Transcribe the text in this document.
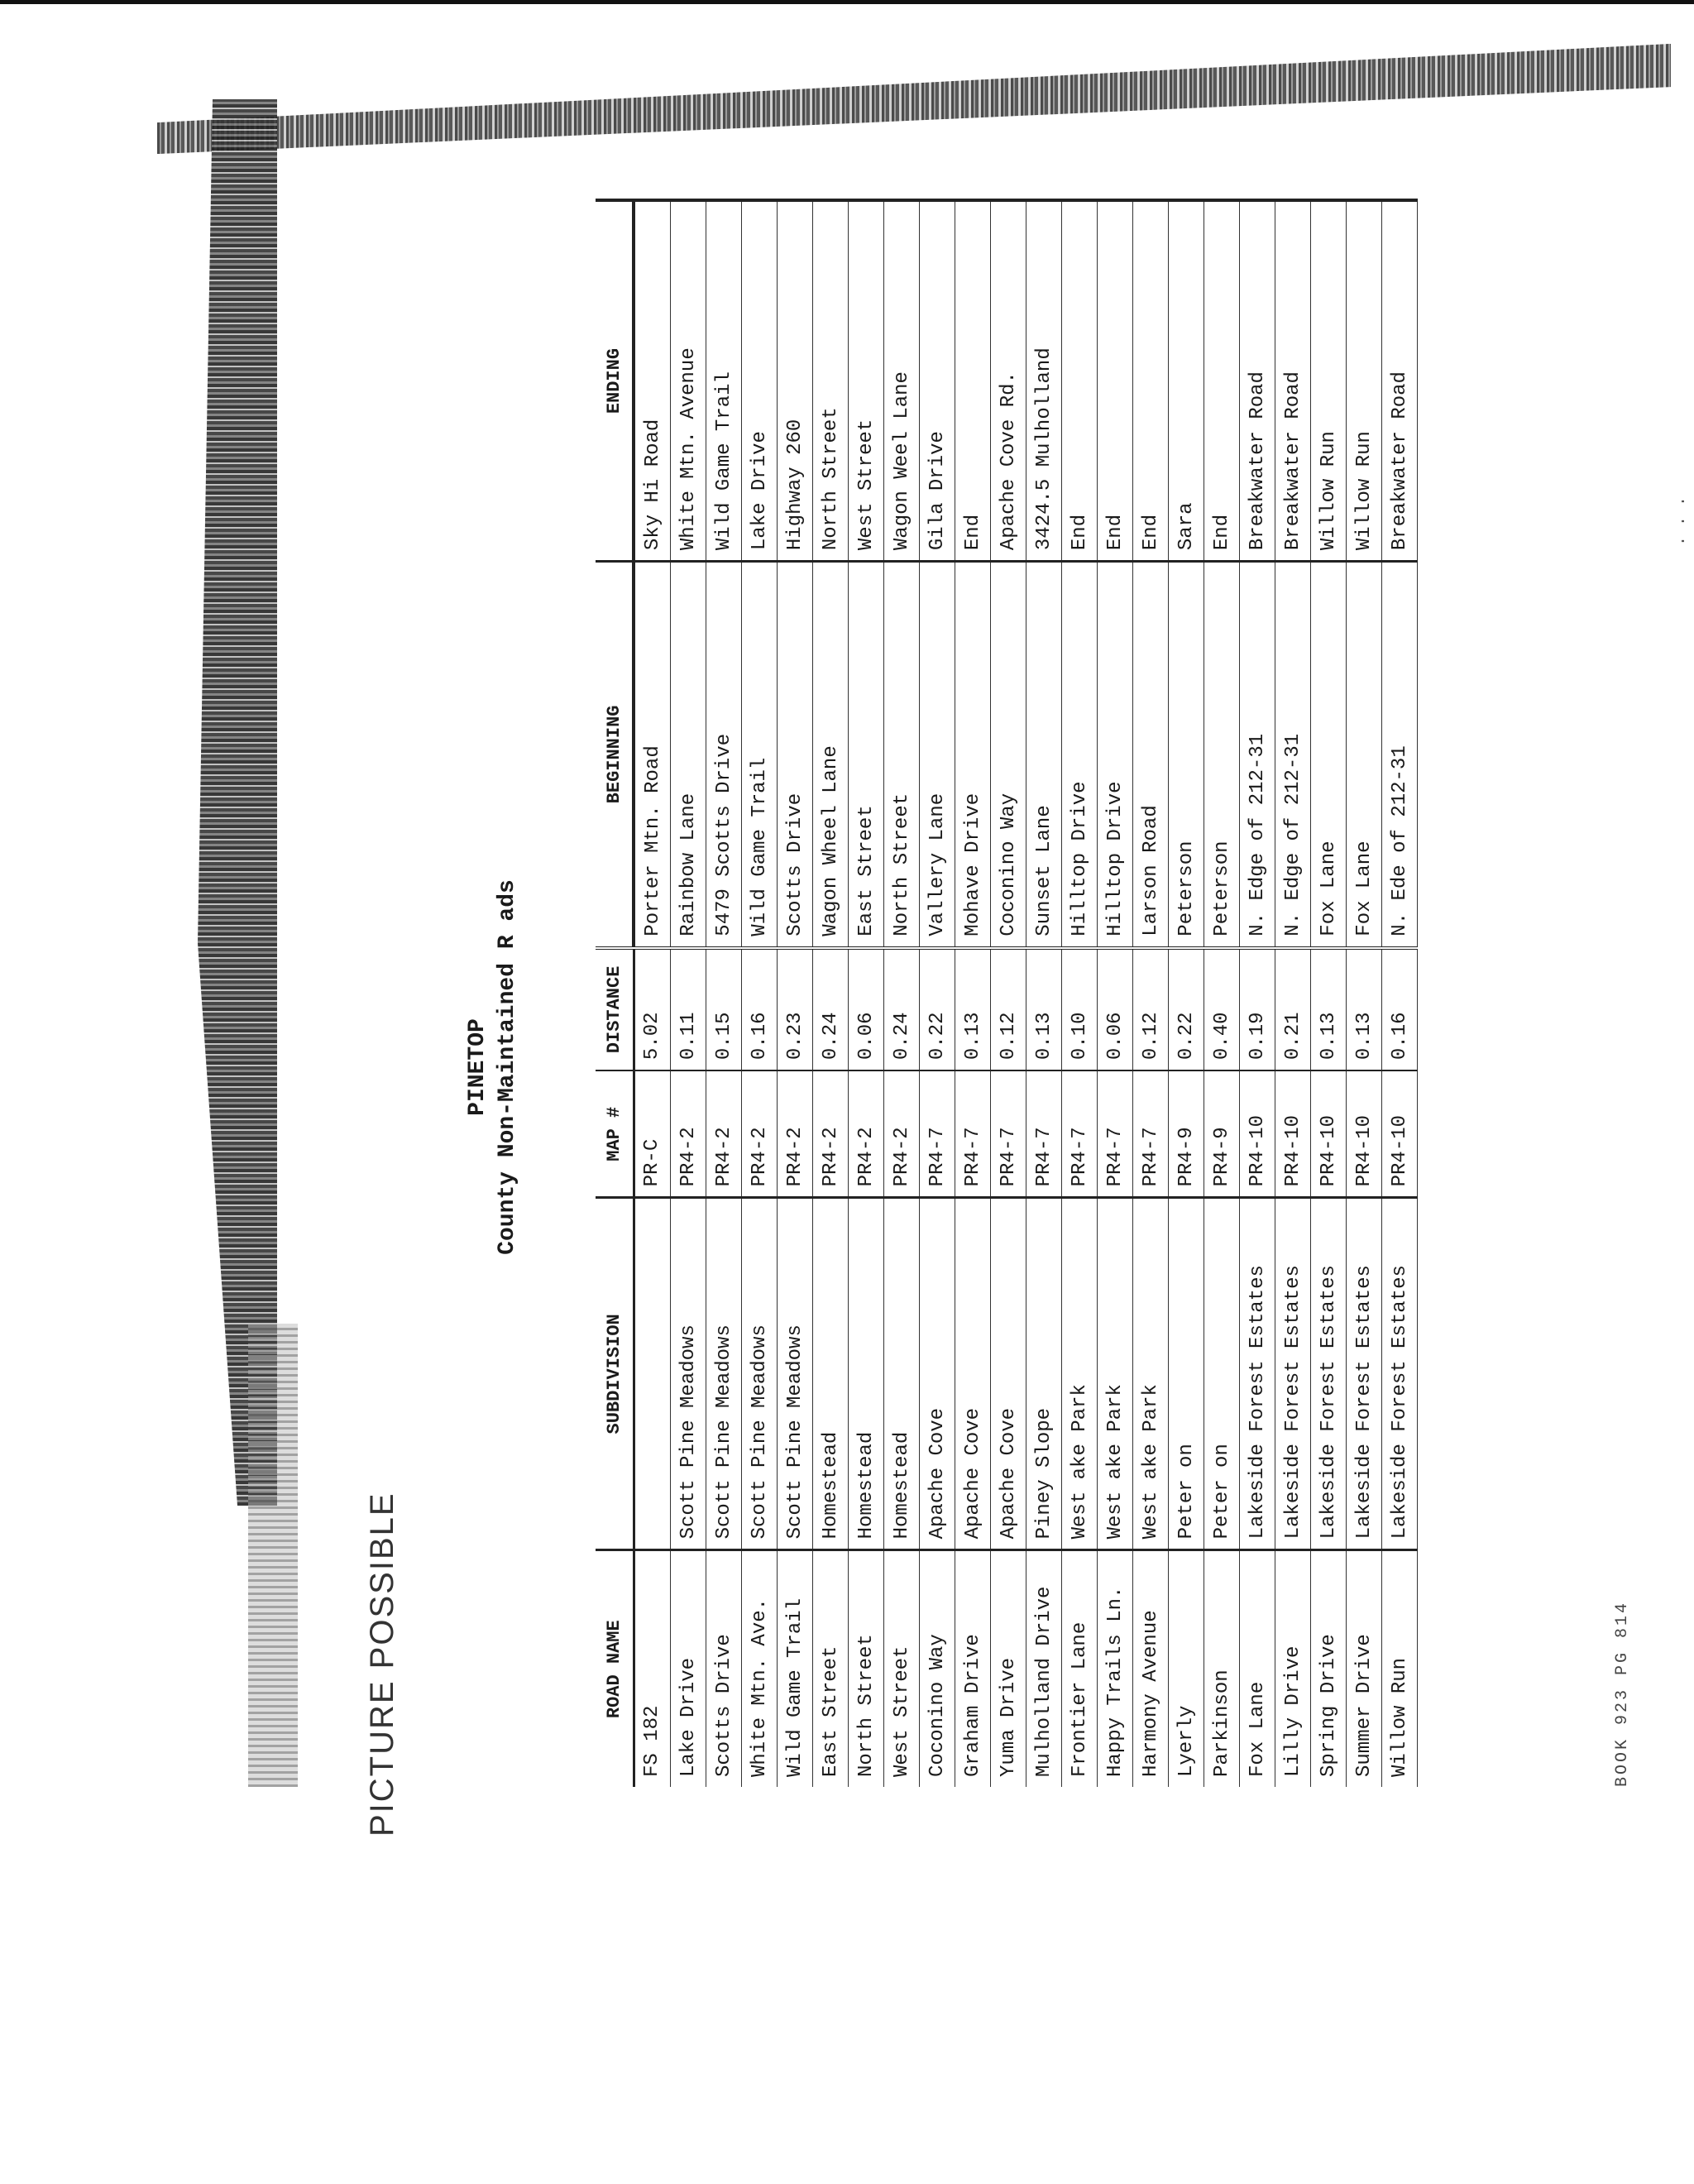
PICTURE POSSIBLE
PINETOP County Non-Maintained R ads
ROAD NAME	SUBDIVISION	MAP #	DISTANCE	BEGINNING	ENDING
FS 182		PR-C	5.02	Porter Mtn. Road	Sky Hi Road
Lake Drive	Scott Pine Meadows	PR4-2	0.11	Rainbow Lane	White Mtn. Avenue
Scotts Drive	Scott Pine Meadows	PR4-2	0.15	5479 Scotts Drive	Wild Game Trail
White Mtn. Ave.	Scott Pine Meadows	PR4-2	0.16	Wild Game Trail	Lake Drive
Wild Game Trail	Scott Pine Meadows	PR4-2	0.23	Scotts Drive	Highway 260
East Street	Homestead	PR4-2	0.24	Wagon Wheel Lane	North Street
North Street	Homestead	PR4-2	0.06	East Street	West Street
West Street	Homestead	PR4-2	0.24	North Street	Wagon Weel Lane
Coconino Way	Apache Cove	PR4-7	0.22	Vallery Lane	Gila Drive
Graham Drive	Apache Cove	PR4-7	0.13	Mohave Drive	End
Yuma Drive	Apache Cove	PR4-7	0.12	Coconino Way	Apache Cove Rd.
Mulholland Drive	Piney Slope	PR4-7	0.13	Sunset Lane	3424.5 Mulholland
Frontier Lane	West ake Park	PR4-7	0.10	Hilltop Drive	End
Happy Trails Ln.	West ake Park	PR4-7	0.06	Hilltop Drive	End
Harmony Avenue	West ake Park	PR4-7	0.12	Larson Road	End
Lyerly	Peter on	PR4-9	0.22	Peterson	Sara
Parkinson	Peter on	PR4-9	0.40	Peterson	End
Fox Lane	Lakeside Forest Estates	PR4-10	0.19	N. Edge of 212-31	Breakwater Road
Lilly Drive	Lakeside Forest Estates	PR4-10	0.21	N. Edge of 212-31	Breakwater Road
Spring Drive	Lakeside Forest Estates	PR4-10	0.13	Fox Lane	Willow Run
Summer Drive	Lakeside Forest Estates	PR4-10	0.13	Fox Lane	Willow Run
Willow Run	Lakeside Forest Estates	PR4-10	0.16	N. Ede of 212-31	Breakwater Road
BOOK 923 PG 814
. . .
